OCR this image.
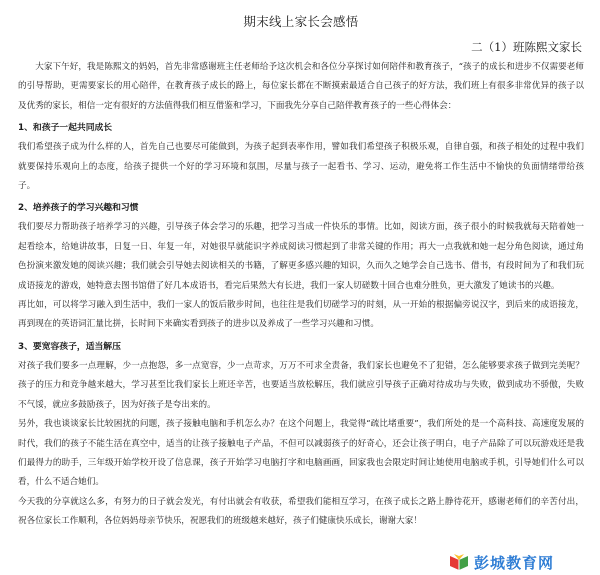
期末线上家长会感悟
二（1）班陈熙文家长

大家下午好，我是陈熙文的妈妈，首先非常感谢班主任老师给予这次机会和各位分享探讨如何陪伴和教育孩子，“孩子的成长和进步不仅需要老师的引导帮助，更需要家长的用心陪伴，在教育孩子成长的路上，每位家长都在不断摸索最适合自己孩子的好方法，我们班上有很多非常优异的孩子以及优秀的家长，相信一定有很好的方法值得我们相互借鉴和学习，下面我先分享自己陪伴教育孩子的一些心得体会：

1、和孩子一起共同成长

我们希望孩子成为什么样的人，首先自己也要尽可能做到，为孩子起到表率作用，譬如我们希望孩子积极乐观，自律自强，和孩子相处的过程中我们就要保持乐观向上的态度，给孩子提供一个好的学习环境和氛围，尽量与孩子一起看书、学习、运动，避免将工作生活中不愉快的负面情绪带给孩子。

2、培养孩子的学习兴趣和习惯

我们要尽力帮助孩子培养学习的兴趣，引导孩子体会学习的乐趣，把学习当成一件快乐的事情。比如，阅读方面，孩子很小的时候我就每天陪着她一起看绘本，给她讲故事，日复一日、年复一年，对她很早就能识字养成阅读习惯起到了非常关键的作用；再大一点我就和她一起分角色阅读，通过角色扮演来激发她的阅读兴趣；我们就会引导她去阅读相关的书籍，了解更多感兴趣的知识，久而久之她学会自己选书、借书，有段时间为了和我们玩成语接龙的游戏，她特意去图书馆借了好几本成语书，看完后果然大有长进，我们一家人切磋数十回合也难分胜负，更大激发了她读书的兴趣。

再比如，可以将学习融入到生活中，我们一家人的饭后散步时间，也往往是我们切磋学习的时刻，从一开始的根据偏旁说汉字，到后来的成语接龙，再到现在的英语词汇量比拼，长时间下来确实看到孩子的进步以及养成了一些学习兴趣和习惯。

3、要宽容孩子，适当解压

对孩子我们要多一点理解，少一点抱怨，多一点宽容，少一点苛求，万万不可求全责备，我们家长也避免不了犯错，怎么能够要求孩子做到完美呢？孩子的压力和竞争越来越大，学习甚至比我们家长上班还辛苦，也要适当放松解压，我们就应引导孩子正确对待成功与失败，做到成功不骄傲，失败不气馁，就应多鼓励孩子，因为好孩子是夸出来的。

另外，我也谈谈家长比较困扰的问题，孩子接触电脑和手机怎么办？在这个问题上，我觉得“疏比堵重要”，我们所处的是一个高科技、高速度发展的时代，我们的孩子不能生活在真空中，适当的让孩子接触电子产品，不但可以减弱孩子的好奇心，还会让孩子明白，电子产品除了可以玩游戏还是我们最得力的助手，三年级开始学校开设了信息课，孩子开始学习电脑打字和电脑画画，回家我也会限定时间让她使用电脑或手机，引导她们什么可以看，什么不适合她们。

今天我的分享就这么多，有努力的日子就会发光，有付出就会有收获，希望我们能相互学习，在孩子成长之路上静待花开，感谢老师们的辛苦付出，祝各位家长工作顺利，各位妈妈母亲节快乐，祝愿我们的班级越来越好，孩子们健康快乐成长，谢谢大家！

彭城教育网
